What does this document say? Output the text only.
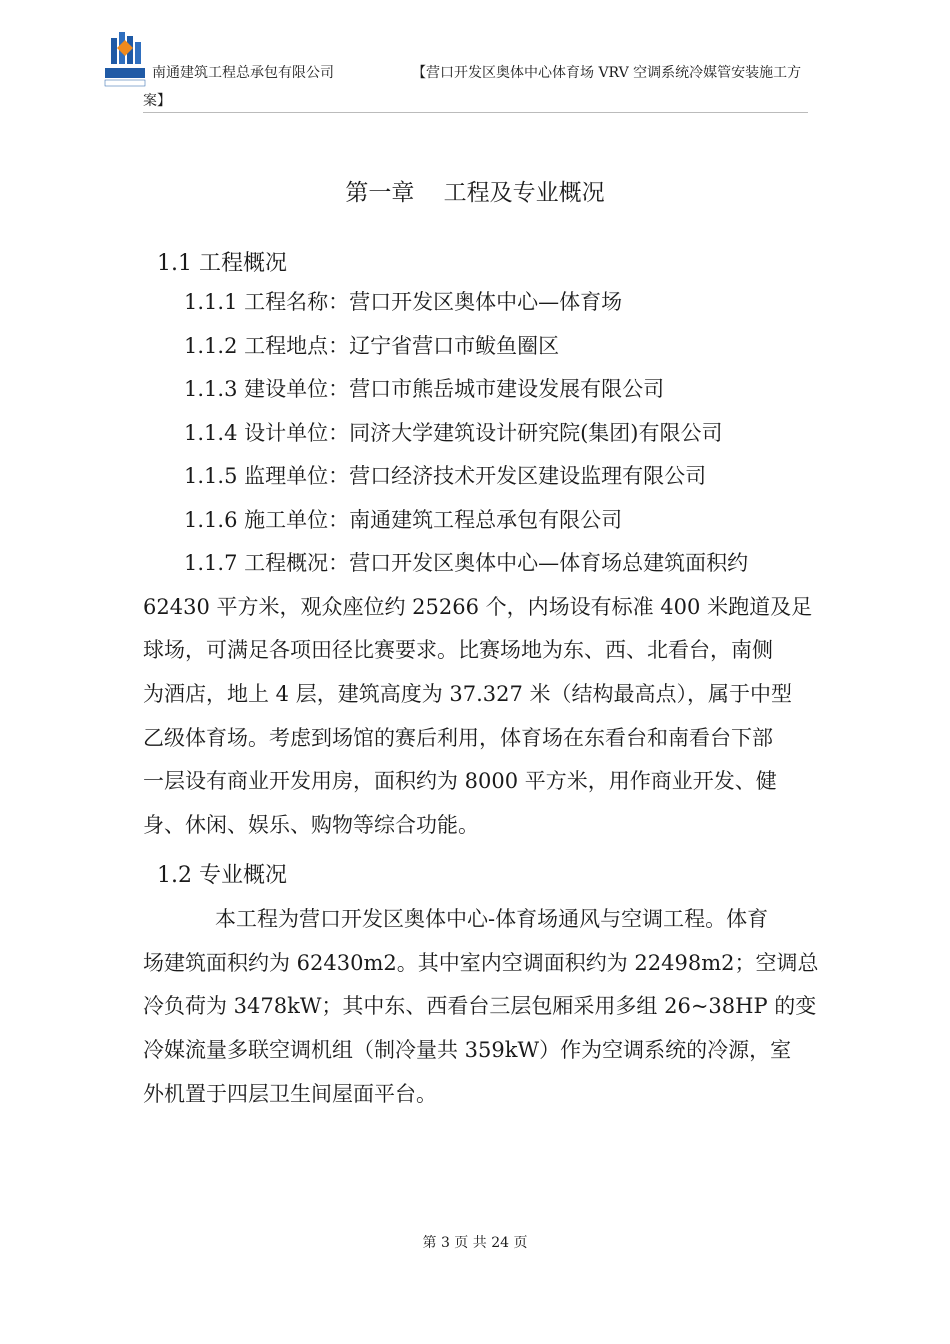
南通建筑工程总承包有限公司	【营口开发区奥体中心体育场 VRV 空调系统冷媒管安装施工方
案】
第一章    工程及专业概况
1.1 工程概况
1.1.1 工程名称：营口开发区奥体中心—体育场
1.1.2 工程地点：辽宁省营口市鲅鱼圈区
1.1.3 建设单位：营口市熊岳城市建设发展有限公司
1.1.4 设计单位：同济大学建筑设计研究院(集团)有限公司
1.1.5 监理单位：营口经济技术开发区建设监理有限公司
1.1.6 施工单位：南通建筑工程总承包有限公司
1.1.7 工程概况：营口开发区奥体中心—体育场总建筑面积约
62430 平方米，观众座位约 25266 个，内场设有标准 400 米跑道及足
球场，可满足各项田径比赛要求。比赛场地为东、西、北看台，南侧
为酒店，地上 4 层，建筑高度为 37.327 米（结构最高点），属于中型
乙级体育场。考虑到场馆的赛后利用，体育场在东看台和南看台下部
一层设有商业开发用房，面积约为 8000 平方米，用作商业开发、健
身、休闲、娱乐、购物等综合功能。
1.2 专业概况
本工程为营口开发区奥体中心-体育场通风与空调工程。体育
场建筑面积约为 62430m2。其中室内空调面积约为 22498m2；空调总
冷负荷为 3478kW；其中东、西看台三层包厢采用多组 26~38HP 的变
冷媒流量多联空调机组（制冷量共 359kW）作为空调系统的冷源，室
外机置于四层卫生间屋面平台。
第 3 页 共 24 页
